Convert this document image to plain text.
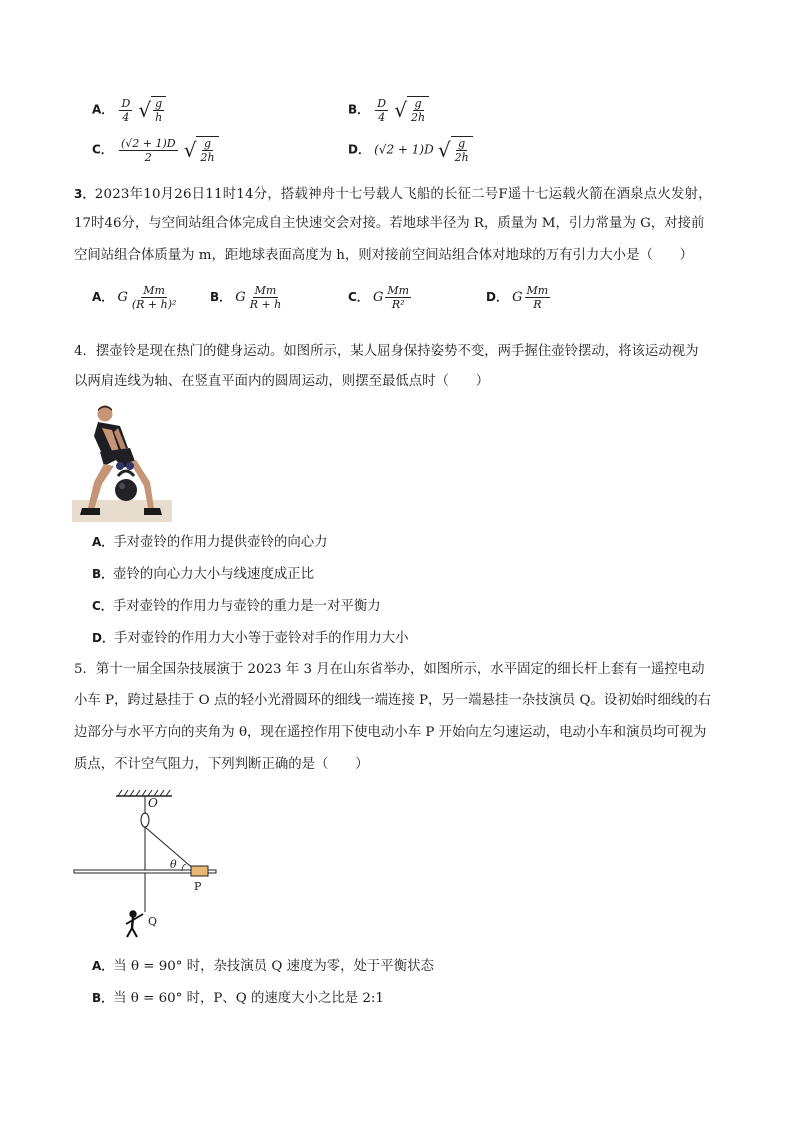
A． $\frac{D}{4}$
√ $\frac{g}{h}$	B． $\frac{D}{4}$
√ $\frac{g}{2h}$
C． $\frac{(√2 + 1)D}{2}$
√ $\frac{g}{2h}$	D． (√2 + 1)D √ $\frac{g}{2h}$
3．2023年10月26日11时14分，搭载神舟十七号载人飞船的长征二号F遥十七运载火箭在酒泉点火发射，
17时46分，与空间站组合体完成自主快速交会对接。若地球半径为 R，质量为 M，引力常量为 G，对接前
空间站组合体质量为 m，距地球表面高度为 h，则对接前空间站组合体对地球的万有引力大小是（　　）
A． G $\frac{Mm}{\text{(R + h)²}}$	B． G $\frac{Mm}{R + h}$	C． G $\frac{Mm}{\text{R²}}$	D． G $\frac{Mm}{R}$
4．摆壶铃是现在热门的健身运动。如图所示，某人屈身保持姿势不变，两手握住壶铃摆动，将该运动视为
以两肩连线为轴、在竖直平面内的圆周运动，则摆至最低点时（　　）
A．手对壶铃的作用力提供壶铃的向心力
B．壶铃的向心力大小与线速度成正比
C．手对壶铃的作用力与壶铃的重力是一对平衡力
D．手对壶铃的作用力大小等于壶铃对手的作用力大小
5．第十一届全国杂技展演于 2023 年 3 月在山东省举办，如图所示，水平固定的细长杆上套有一遥控电动
小车 P，跨过悬挂于 O 点的轻小光滑圆环的细线一端连接 P，另一端悬挂一杂技演员 Q。设初始时细线的右
边部分与水平方向的夹角为 θ，现在遥控作用下使电动小车 P 开始向左匀速运动，电动小车和演员均可视为
质点，不计空气阻力，下列判断正确的是（　　）
O
θ
P
Q
A．当 θ = 90° 时，杂技演员 Q 速度为零，处于平衡状态
B．当 θ = 60° 时，P、Q 的速度大小之比是 2:1
